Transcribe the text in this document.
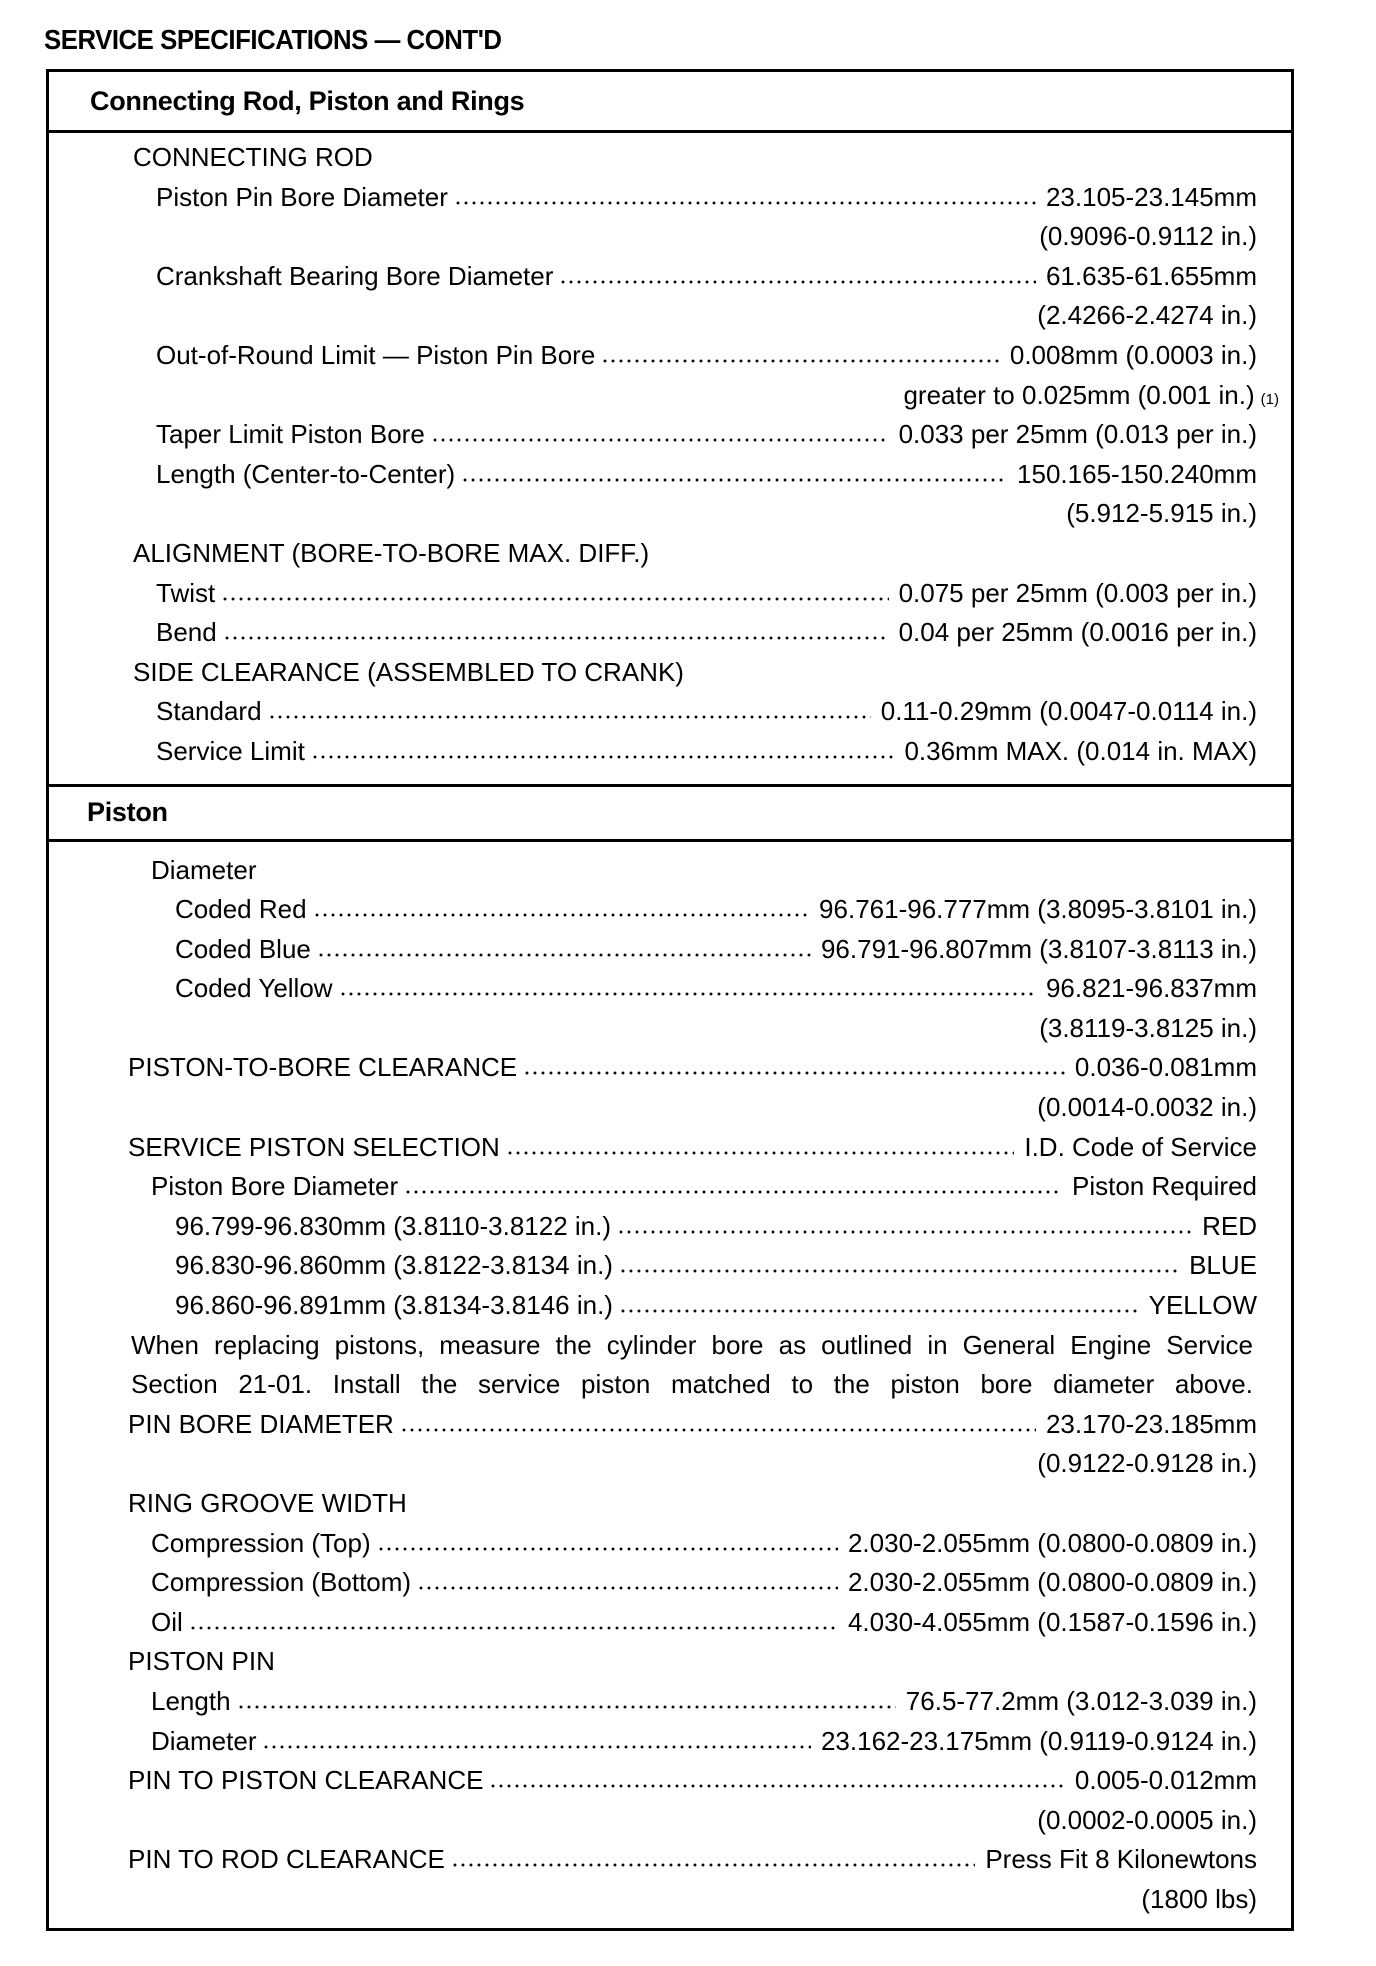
SERVICE SPECIFICATIONS — CONT'D
Connecting Rod, Piston and Rings
CONNECTING ROD
Piston Pin Bore Diameter	23.105-23.145mm
(0.9096-0.9112 in.)
Crankshaft Bearing Bore Diameter	61.635-61.655mm
(2.4266-2.4274 in.)
Out-of-Round Limit — Piston Pin Bore	0.008mm (0.0003 in.)
greater to 0.025mm (0.001 in.) (1)
Taper Limit Piston Bore	0.033 per 25mm (0.013 per in.)
Length (Center-to-Center)	150.165-150.240mm
(5.912-5.915 in.)
ALIGNMENT (BORE-TO-BORE MAX. DIFF.)
Twist	0.075 per 25mm (0.003 per in.)
Bend	0.04 per 25mm (0.0016 per in.)
SIDE CLEARANCE (ASSEMBLED TO CRANK)
Standard	0.11-0.29mm (0.0047-0.0114 in.)
Service Limit	0.36mm MAX. (0.014 in. MAX)
Piston
Diameter
Coded Red	96.761-96.777mm (3.8095-3.8101 in.)
Coded Blue	96.791-96.807mm (3.8107-3.8113 in.)
Coded Yellow	96.821-96.837mm
(3.8119-3.8125 in.)
PISTON-TO-BORE CLEARANCE	0.036-0.081mm
(0.0014-0.0032 in.)
SERVICE PISTON SELECTION	I.D. Code of Service
Piston Bore Diameter	Piston Required
96.799-96.830mm (3.8110-3.8122 in.)	RED
96.830-96.860mm (3.8122-3.8134 in.)	BLUE
96.860-96.891mm (3.8134-3.8146 in.)	YELLOW
When replacing pistons, measure the cylinder bore as outlined in General Engine Service
Section 21-01. Install the service piston matched to the piston bore diameter above.
PIN BORE DIAMETER	23.170-23.185mm
(0.9122-0.9128 in.)
RING GROOVE WIDTH
Compression (Top)	2.030-2.055mm (0.0800-0.0809 in.)
Compression (Bottom)	2.030-2.055mm (0.0800-0.0809 in.)
Oil	4.030-4.055mm (0.1587-0.1596 in.)
PISTON PIN
Length	76.5-77.2mm (3.012-3.039 in.)
Diameter	23.162-23.175mm (0.9119-0.9124 in.)
PIN TO PISTON CLEARANCE	0.005-0.012mm
(0.0002-0.0005 in.)
PIN TO ROD CLEARANCE	Press Fit 8 Kilonewtons
(1800 lbs)
